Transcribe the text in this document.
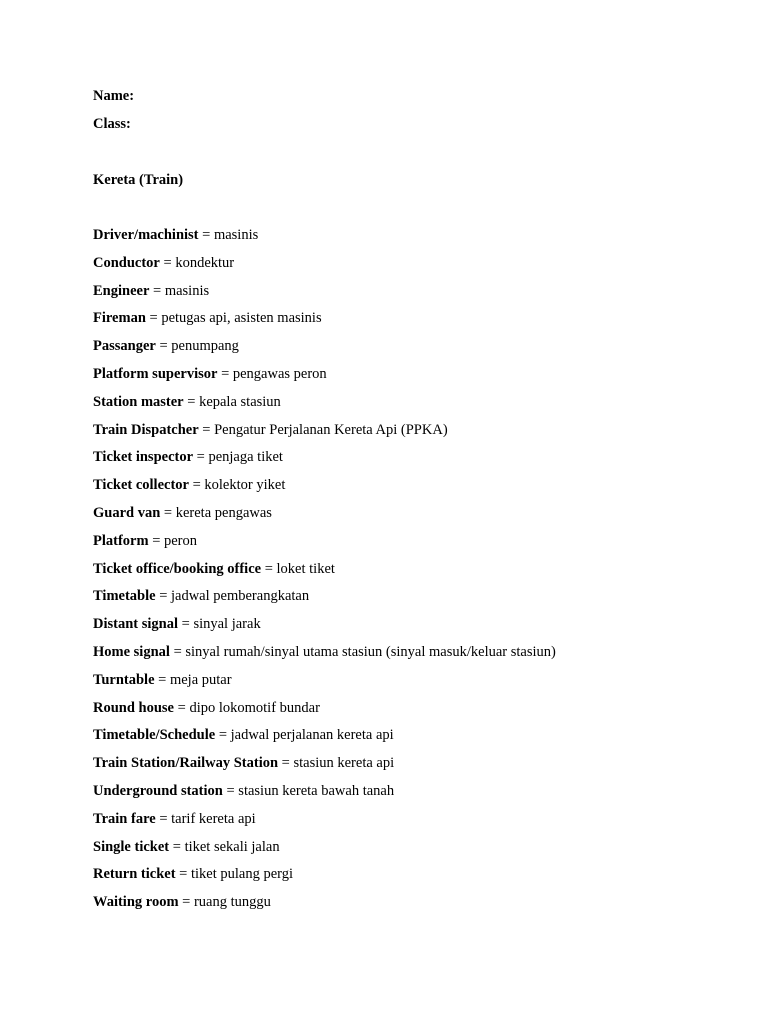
Name:
Class:
Kereta (Train)
Driver/machinist = masinis
Conductor = kondektur
Engineer = masinis
Fireman = petugas api, asisten masinis
Passanger = penumpang
Platform supervisor = pengawas peron
Station master = kepala stasiun
Train Dispatcher = Pengatur Perjalanan Kereta Api (PPKA)
Ticket inspector = penjaga tiket
Ticket collector = kolektor yiket
Guard van = kereta pengawas
Platform = peron
Ticket office/booking office = loket tiket
Timetable = jadwal pemberangkatan
Distant signal = sinyal jarak
Home signal = sinyal rumah/sinyal utama stasiun (sinyal masuk/keluar stasiun)
Turntable = meja putar
Round house = dipo lokomotif bundar
Timetable/Schedule = jadwal perjalanan kereta api
Train Station/Railway Station = stasiun kereta api
Underground station = stasiun kereta bawah tanah
Train fare = tarif kereta api
Single ticket = tiket sekali jalan
Return ticket = tiket pulang pergi
Waiting room = ruang tunggu
